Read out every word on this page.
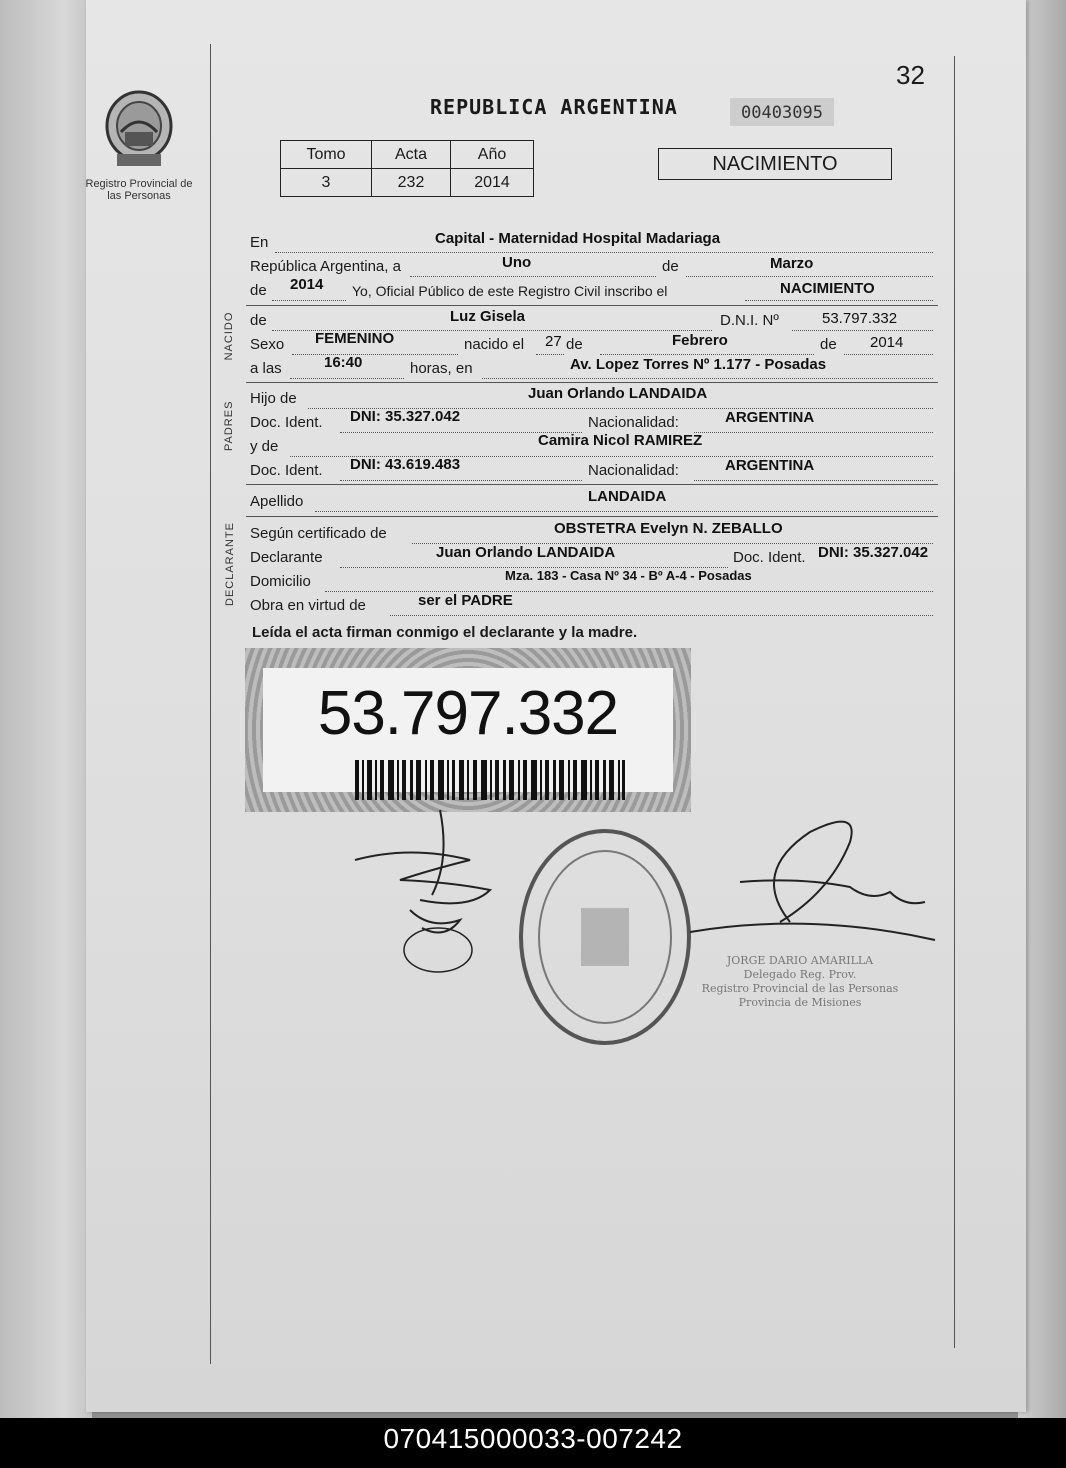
32
Registro Provincial de las Personas
REPUBLICA ARGENTINA	00403095
Tomo	Acta	Año
3	232	2014
NACIMIENTO
En	Capital - Maternidad Hospital Madariaga
República Argentina, a	Uno	de	Marzo
de 2014 Yo, Oficial Público de este Registro Civil inscribo el	NACIMIENTO
NACIDO de	Luz Gisela	D.N.I. Nº	53.797.332
Sexo FEMENINO	nacido el 27 de	Febrero	de 2014
a las	16:40	horas, en	Av. Lopez Torres Nº 1.177 - Posadas
PADRES
Hijo de	Juan Orlando LANDAIDA
Doc. Ident. DNI: 35.327.042	Nacionalidad:	ARGENTINA
y de	Camira Nicol RAMIREZ
Doc. Ident. DNI: 43.619.483	Nacionalidad:	ARGENTINA
Apellido	LANDAIDA
DECLARANTE Según certificado de	OBSTETRA Evelyn N. ZEBALLO
Declarante	Juan Orlando LANDAIDA	Doc. Ident. DNI: 35.327.042
Domicilio	Mza. 183 - Casa Nº 34 - Bº A-4 - Posadas
Obra en virtud de	ser el PADRE
Leída el acta firman conmigo el declarante y la madre.
53.797.332
JORGE DARIO AMARILLA
Delegado Reg. Prov.
Registro Provincial de las Personas
Provincia de Misiones
070415000033-007242
